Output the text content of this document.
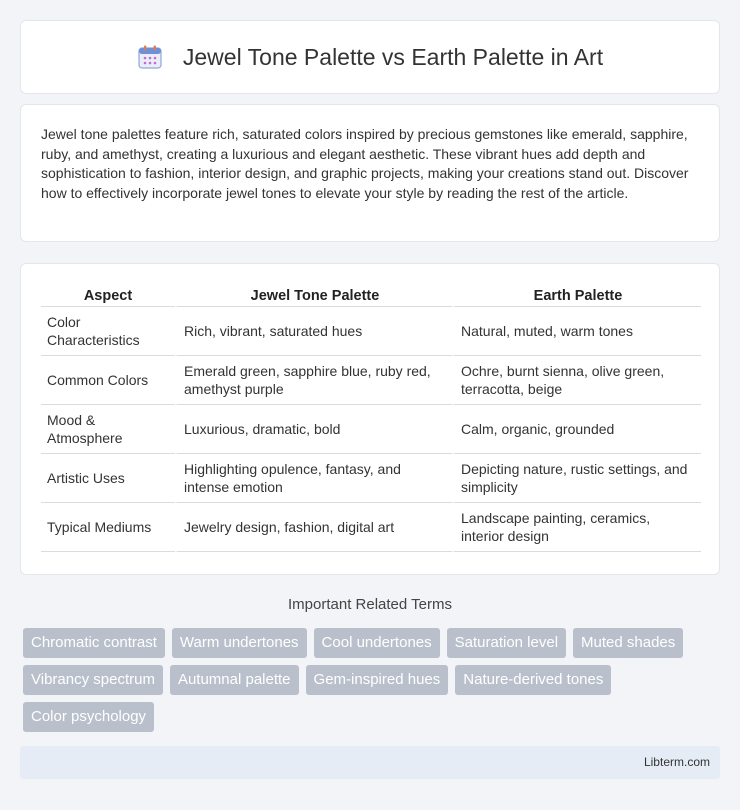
Jewel Tone Palette vs Earth Palette in Art

Jewel tone palettes feature rich, saturated colors inspired by precious gemstones like emerald, sapphire, ruby, and amethyst, creating a luxurious and elegant aesthetic. These vibrant hues add depth and sophistication to fashion, interior design, and graphic projects, making your creations stand out. Discover how to effectively incorporate jewel tones to elevate your style by reading the rest of the article.

Aspect	Jewel Tone Palette	Earth Palette
Color Characteristics	Rich, vibrant, saturated hues	Natural, muted, warm tones
Common Colors	Emerald green, sapphire blue, ruby red, amethyst purple	Ochre, burnt sienna, olive green, terracotta, beige
Mood & Atmosphere	Luxurious, dramatic, bold	Calm, organic, grounded
Artistic Uses	Highlighting opulence, fantasy, and intense emotion	Depicting nature, rustic settings, and simplicity
Typical Mediums	Jewelry design, fashion, digital art	Landscape painting, ceramics, interior design
Important Related Terms
Chromatic contrast	Warm undertones	Cool undertones	Saturation level	Muted shades
Vibrancy spectrum	Autumnal palette	Gem-inspired hues	Nature-derived tones
Color psychology
Libterm.com
